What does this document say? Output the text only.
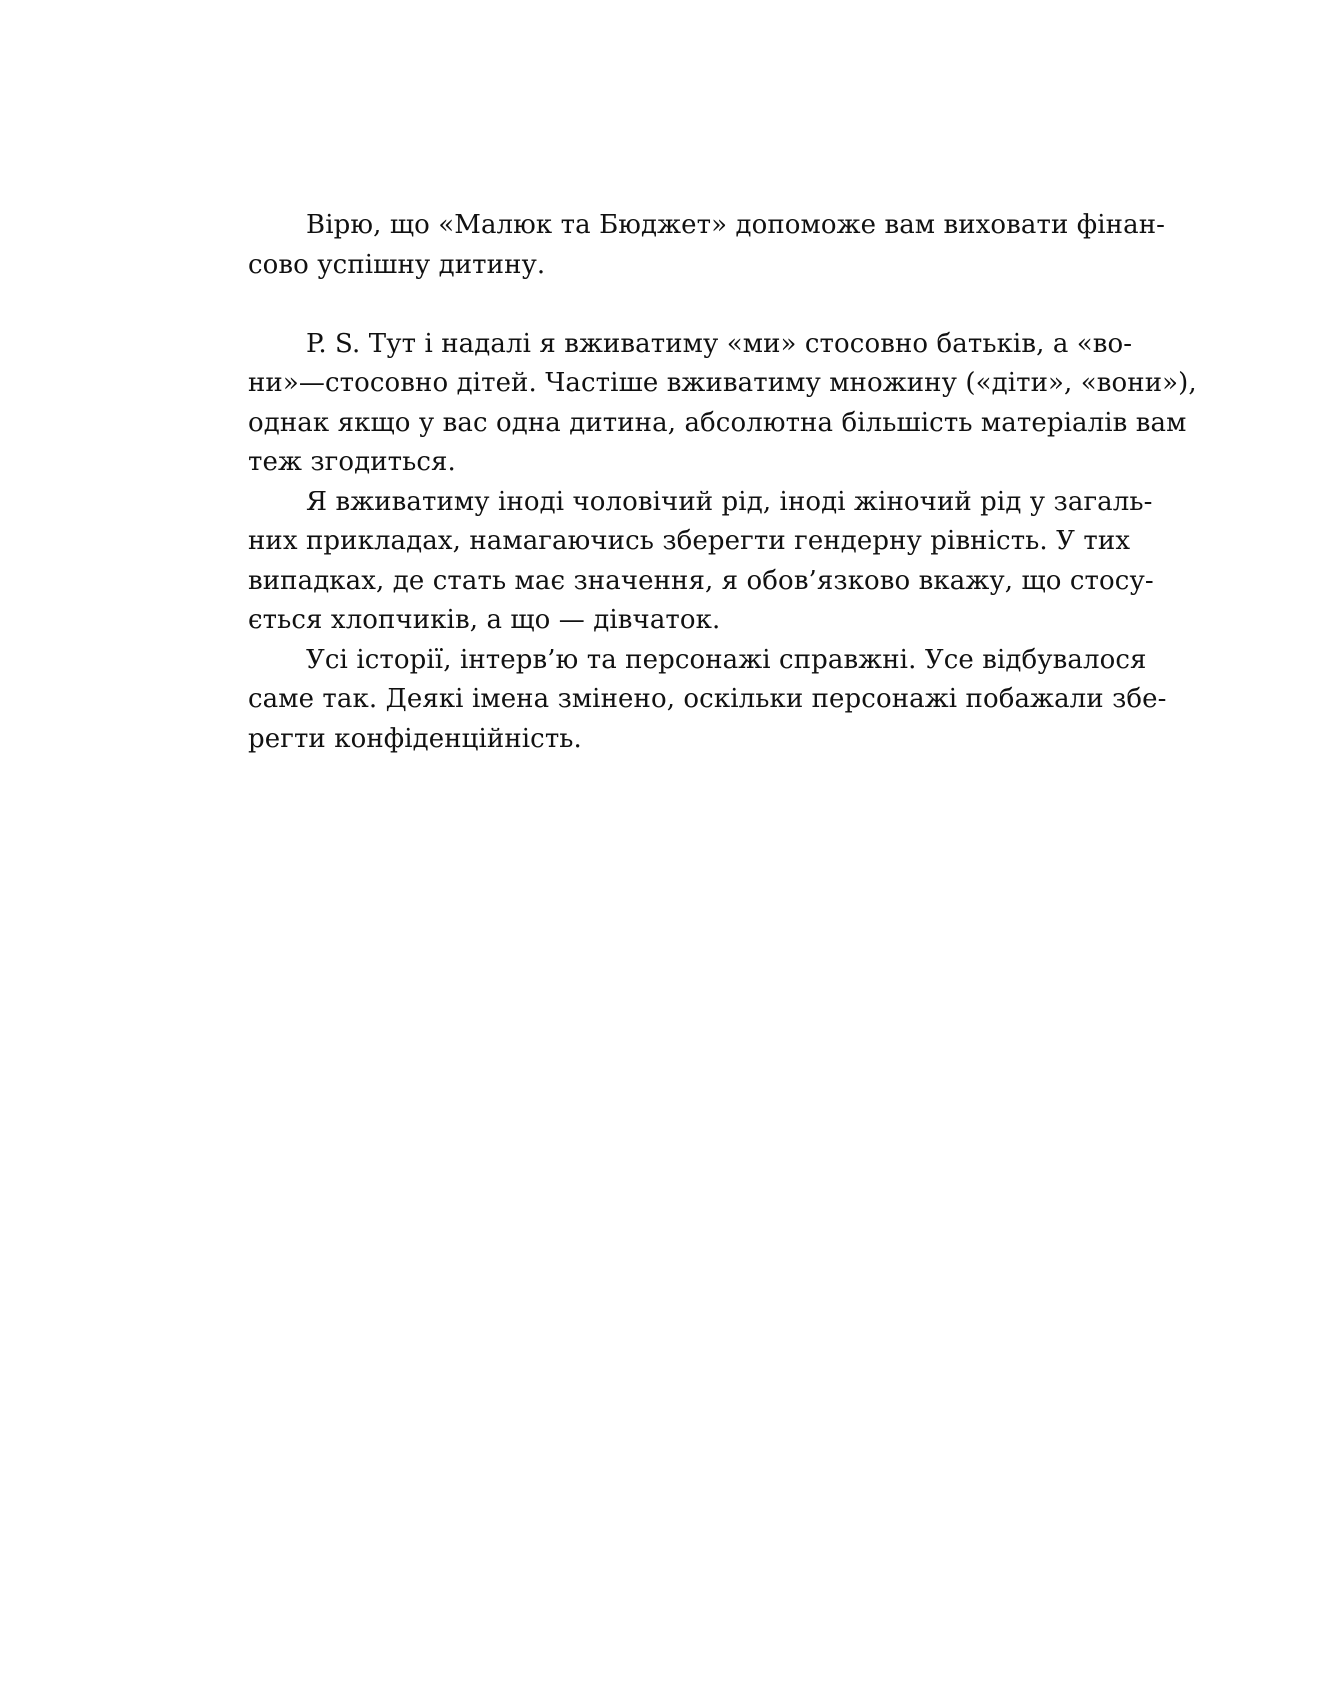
Вірю, що «Малюк та Бюджет» допоможе вам виховати фінан-
сово успішну дитину.

P. S. Тут і надалі я вживатиму «ми» стосовно батьків, а «во-
ни»—стосовно дітей. Частіше вживатиму множину («діти», «вони»),
однак якщо у вас одна дитина, абсолютна більшість матеріалів вам
теж згодиться.

Я вживатиму іноді чоловічий рід, іноді жіночий рід у загаль-
них прикладах, намагаючись зберегти гендерну рівність. У тих
випадках, де стать має значення, я обов’язково вкажу, що стосу-
ється хлопчиків, а що — дівчаток.

Усі історії, інтерв’ю та персонажі справжні. Усе відбувалося
саме так. Деякі імена змінено, оскільки персонажі побажали збе-
регти конфіденційність.
